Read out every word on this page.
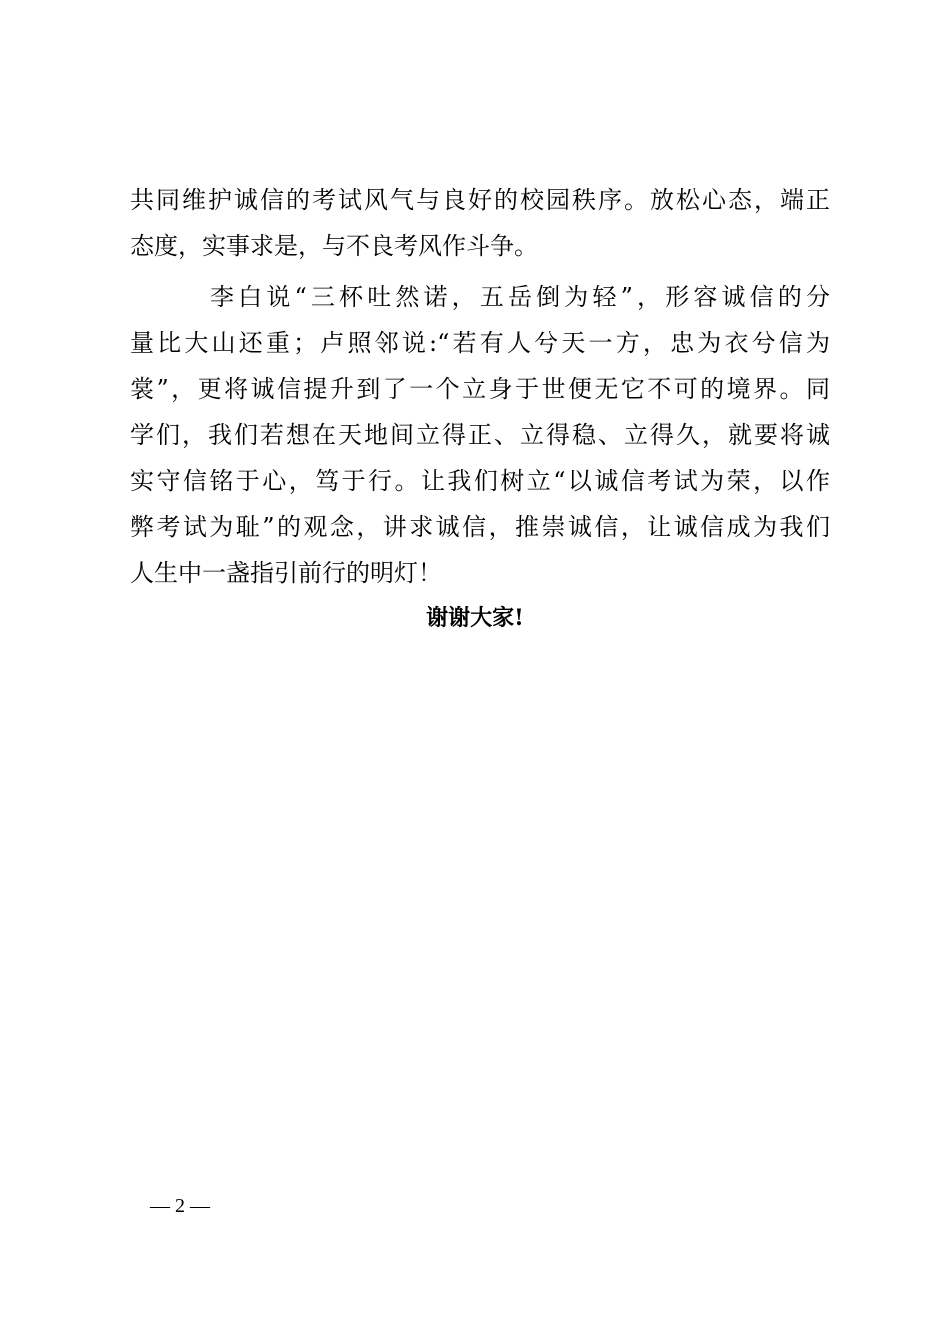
共同维护诚信的考试风气与良好的校园秩序。放松心态，端正
态度，实事求是，与不良考风作斗争。
李白说“三杯吐然诺，五岳倒为轻”，形容诚信的分
量比大山还重；卢照邻说:“若有人兮天一方，忠为衣兮信为
裳”，更将诚信提升到了一个立身于世便无它不可的境界。同
学们，我们若想在天地间立得正、立得稳、立得久，就要将诚
实守信铭于心，笃于行。让我们树立“以诚信考试为荣，以作
弊考试为耻”的观念，讲求诚信，推崇诚信，让诚信成为我们
人生中一盏指引前行的明灯！
谢谢大家!
— 2 —
